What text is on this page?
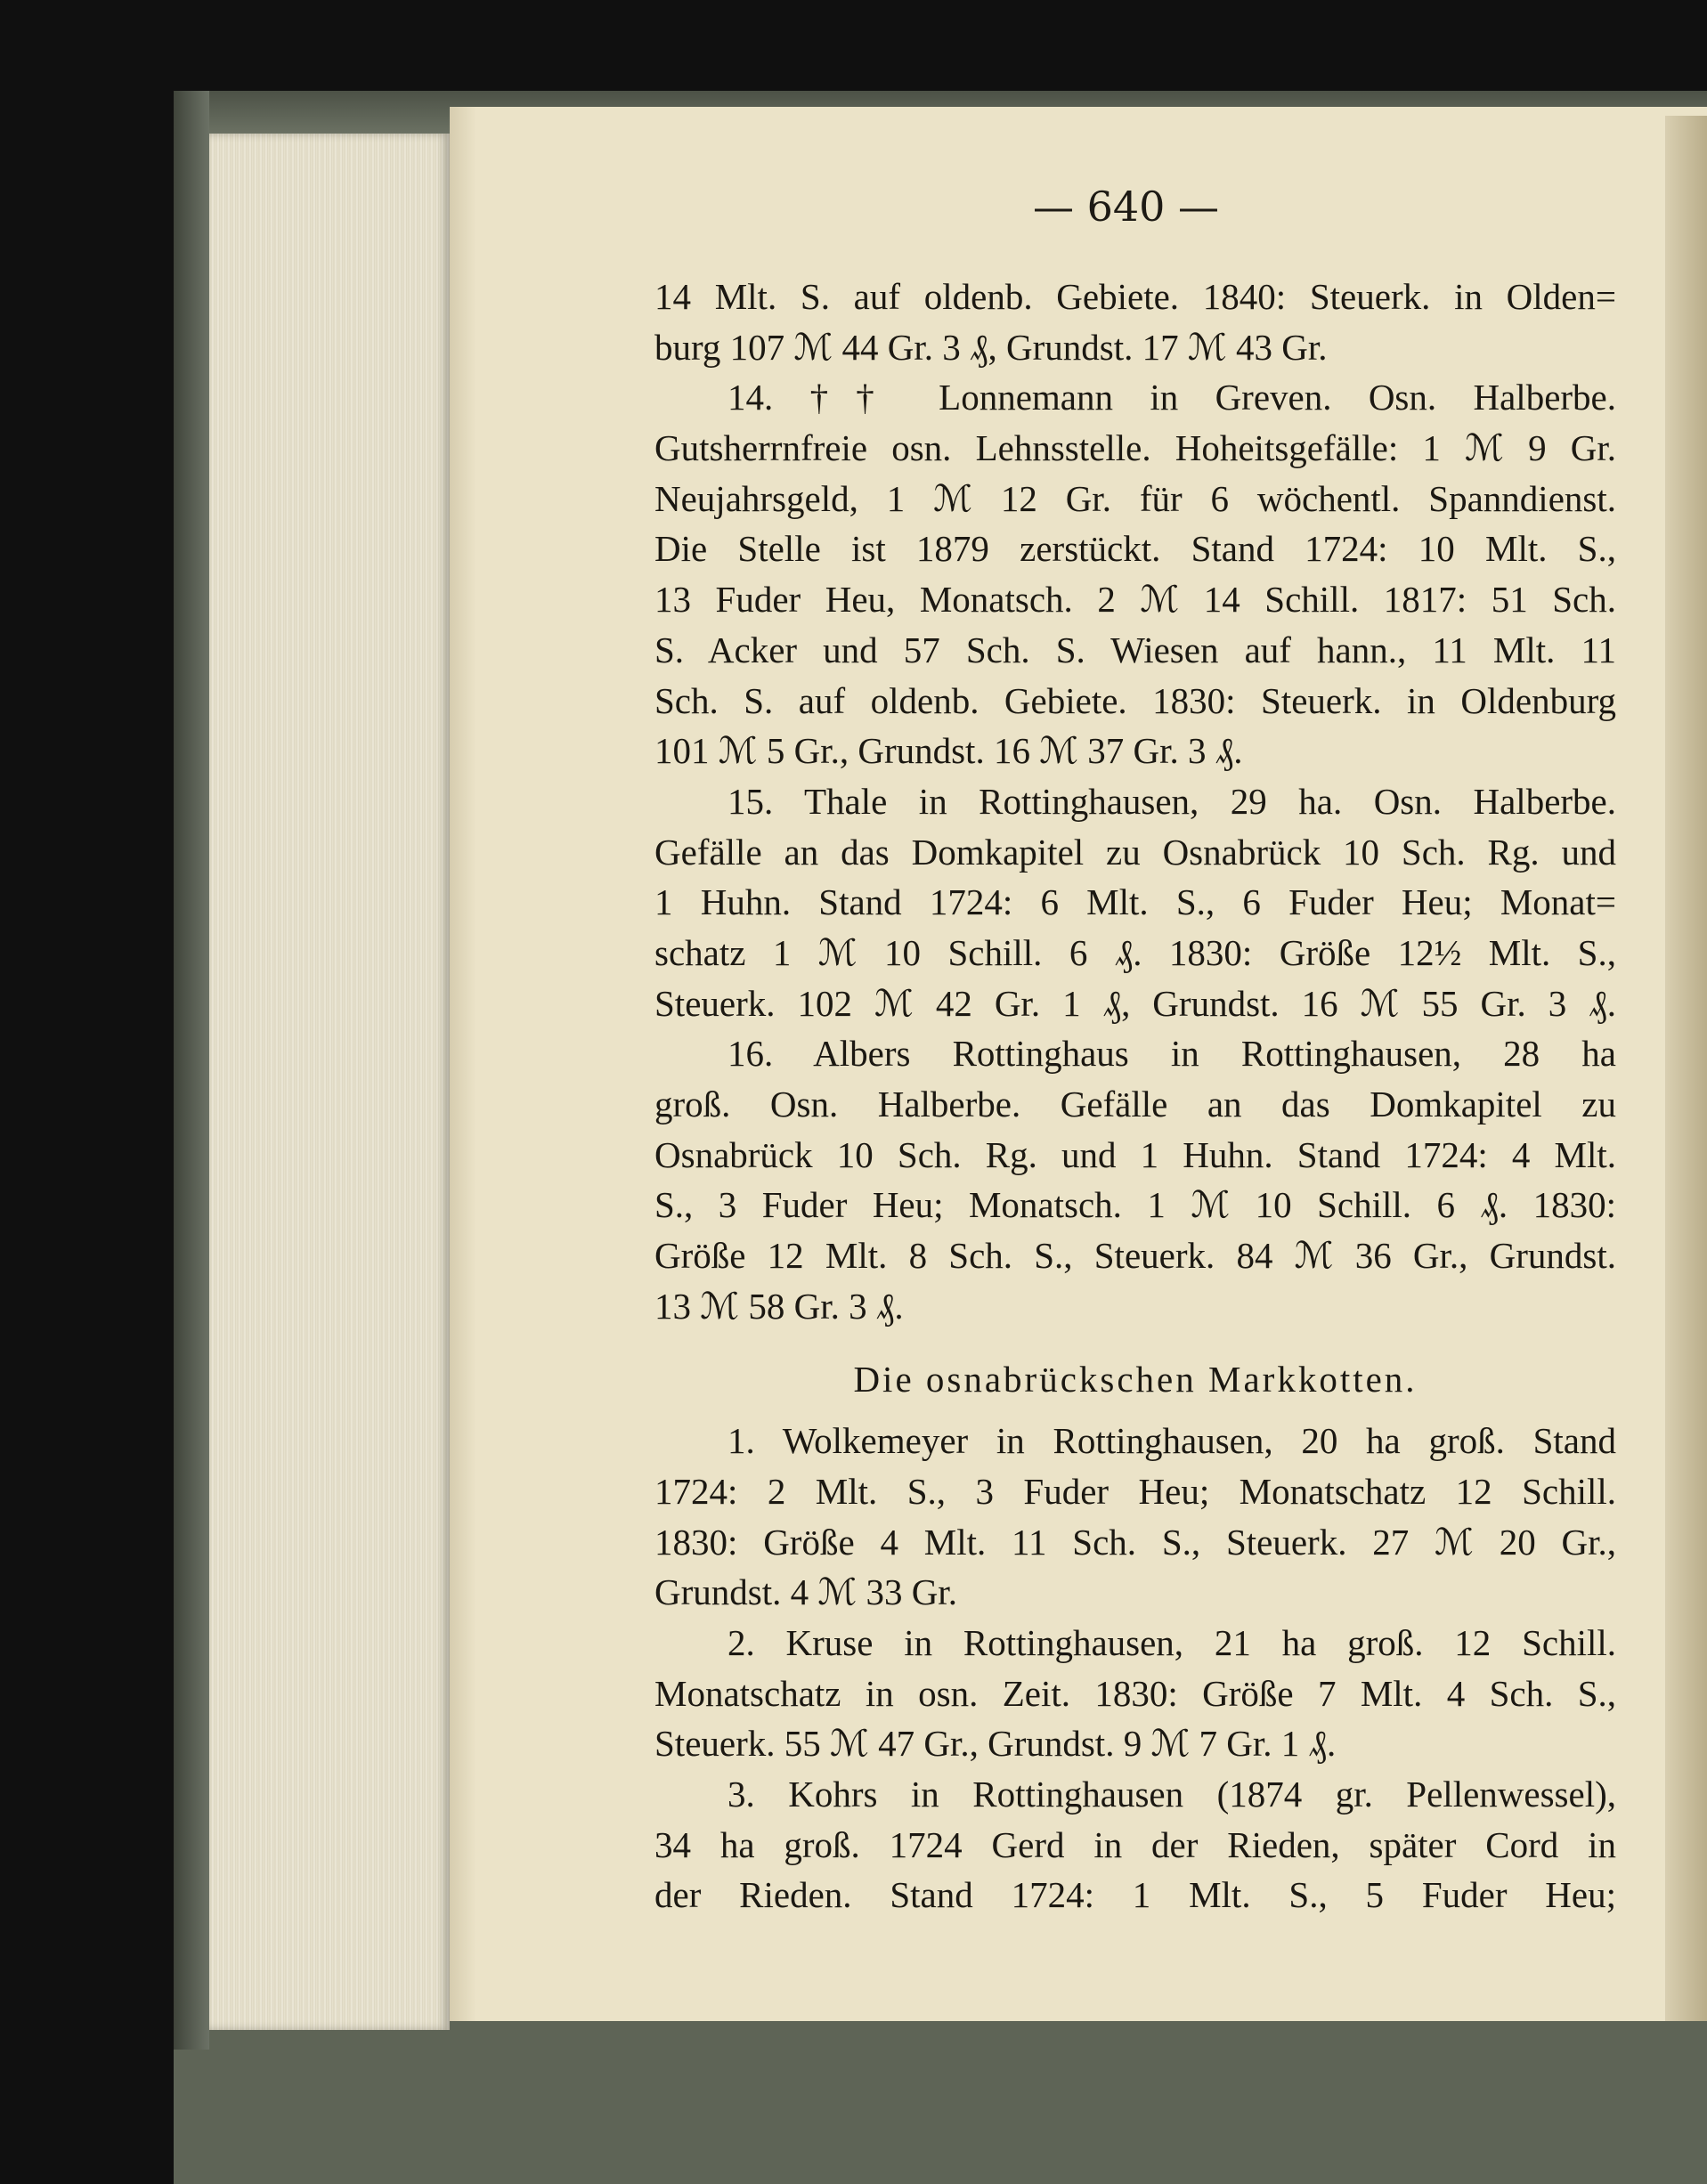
— 640 —
14 Mlt. S. auf oldenb. Gebiete. 1840: Steuerk. in Olden=
burg 107 ℳ 44 Gr. 3 ₰, Grundst. 17 ℳ 43 Gr.
14. †† Lonnemann in Greven. Osn. Halberbe.
Gutsherrnfreie osn. Lehnsstelle. Hoheitsgefälle: 1 ℳ 9 Gr.
Neujahrsgeld, 1 ℳ 12 Gr. für 6 wöchentl. Spanndienst.
Die Stelle ist 1879 zerstückt. Stand 1724: 10 Mlt. S.,
13 Fuder Heu, Monatsch. 2 ℳ 14 Schill. 1817: 51 Sch.
S. Acker und 57 Sch. S. Wiesen auf hann., 11 Mlt. 11
Sch. S. auf oldenb. Gebiete. 1830: Steuerk. in Oldenburg
101 ℳ 5 Gr., Grundst. 16 ℳ 37 Gr. 3 ₰.
15. Thale in Rottinghausen, 29 ha. Osn. Halberbe.
Gefälle an das Domkapitel zu Osnabrück 10 Sch. Rg. und
1 Huhn. Stand 1724: 6 Mlt. S., 6 Fuder Heu; Monat=
schatz 1 ℳ 10 Schill. 6 ₰. 1830: Größe 12½ Mlt. S.,
Steuerk. 102 ℳ 42 Gr. 1 ₰, Grundst. 16 ℳ 55 Gr. 3 ₰.
16. Albers Rottinghaus in Rottinghausen, 28 ha
groß. Osn. Halberbe. Gefälle an das Domkapitel zu
Osnabrück 10 Sch. Rg. und 1 Huhn. Stand 1724: 4 Mlt.
S., 3 Fuder Heu; Monatsch. 1 ℳ 10 Schill. 6 ₰. 1830:
Größe 12 Mlt. 8 Sch. S., Steuerk. 84 ℳ 36 Gr., Grundst.
13 ℳ 58 Gr. 3 ₰.
Die osnabrückschen Markkotten.
1. Wolkemeyer in Rottinghausen, 20 ha groß. Stand
1724: 2 Mlt. S., 3 Fuder Heu; Monatschatz 12 Schill.
1830: Größe 4 Mlt. 11 Sch. S., Steuerk. 27 ℳ 20 Gr.,
Grundst. 4 ℳ 33 Gr.
2. Kruse in Rottinghausen, 21 ha groß. 12 Schill.
Monatschatz in osn. Zeit. 1830: Größe 7 Mlt. 4 Sch. S.,
Steuerk. 55 ℳ 47 Gr., Grundst. 9 ℳ 7 Gr. 1 ₰.
3. Kohrs in Rottinghausen (1874 gr. Pellenwessel),
34 ha groß. 1724 Gerd in der Rieden, später Cord in
der Rieden. Stand 1724: 1 Mlt. S., 5 Fuder Heu;
